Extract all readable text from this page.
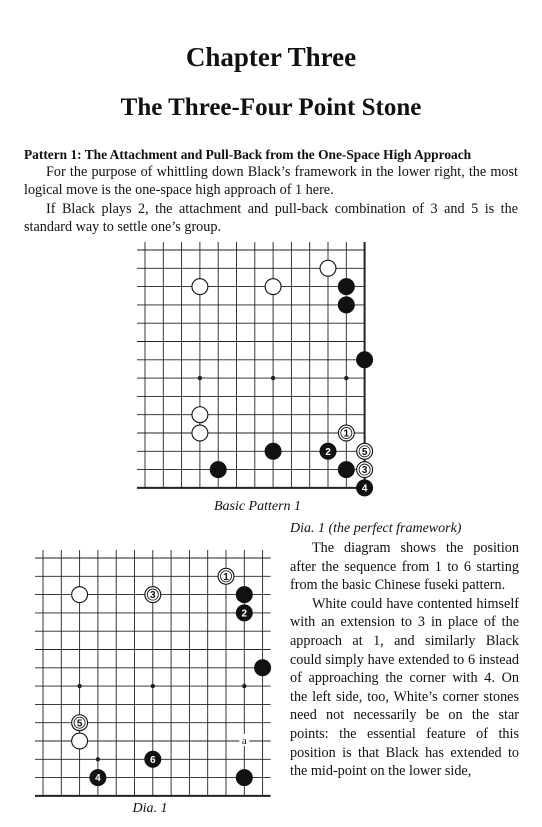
Chapter Three
The Three-Four Point Stone
Pattern 1: The Attachment and Pull-Back from the One-Space High Approach

For the purpose of whittling down Black’s framework in the lower right, the most logical move is the one-space high approach of 1 here.

If Black plays 2, the attachment and pull-back combination of 3 and 5 is the standard way to settle one’s group.

1
2	5
3
4
Basic Pattern 1
Dia. 1 (the perfect framework)

The diagram shows the position after the sequence from 1 to 6 starting from the basic Chinese fuseki pattern.

White could have contented himself with an extension to 3 in place of the approach at 1, and similarly Black could simply have extended to 6 instead of approaching the corner with 4. On the left side, too, White’s corner stones need not necessarily be on the star points: the essential feature of this position is that Black has extended to the mid-point on the lower side,

a
1
3
2
5
6
4
Dia. 1
